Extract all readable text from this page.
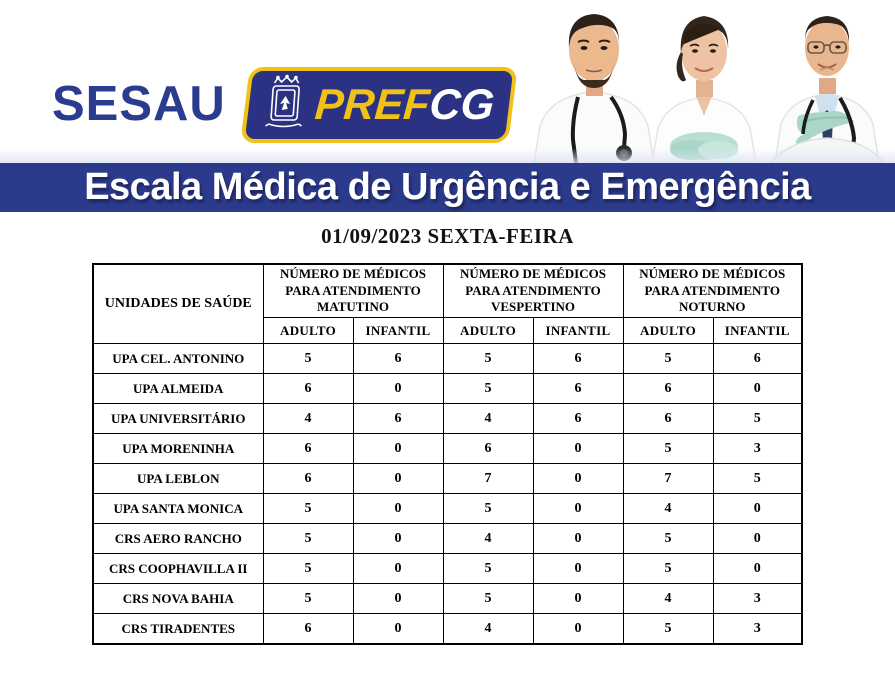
SESAU PREFCG
Escala Médica de Urgência e Emergência
01/09/2023 SEXTA-FEIRA
UNIDADES DE SAÚDE	NÚMERO DE MÉDICOS PARA ATENDIMENTO MATUTINO		NÚMERO DE MÉDICOS PARA ATENDIMENTO VESPERTINO		NÚMERO DE MÉDICOS PARA ATENDIMENTO NOTURNO	
	ADULTO	INFANTIL	ADULTO	INFANTIL	ADULTO	INFANTIL
UPA CEL. ANTONINO	5	6	5	6	5	6
UPA ALMEIDA	6	0	5	6	6	0
UPA UNIVERSITÁRIO	4	6	4	6	6	5
UPA MORENINHA	6	0	6	0	5	3
UPA LEBLON	6	0	7	0	7	5
UPA SANTA MONICA	5	0	5	0	4	0
CRS AERO RANCHO	5	0	4	0	5	0
CRS COOPHAVILLA II	5	0	5	0	5	0
CRS NOVA BAHIA	5	0	5	0	4	3
CRS TIRADENTES	6	0	4	0	5	3
